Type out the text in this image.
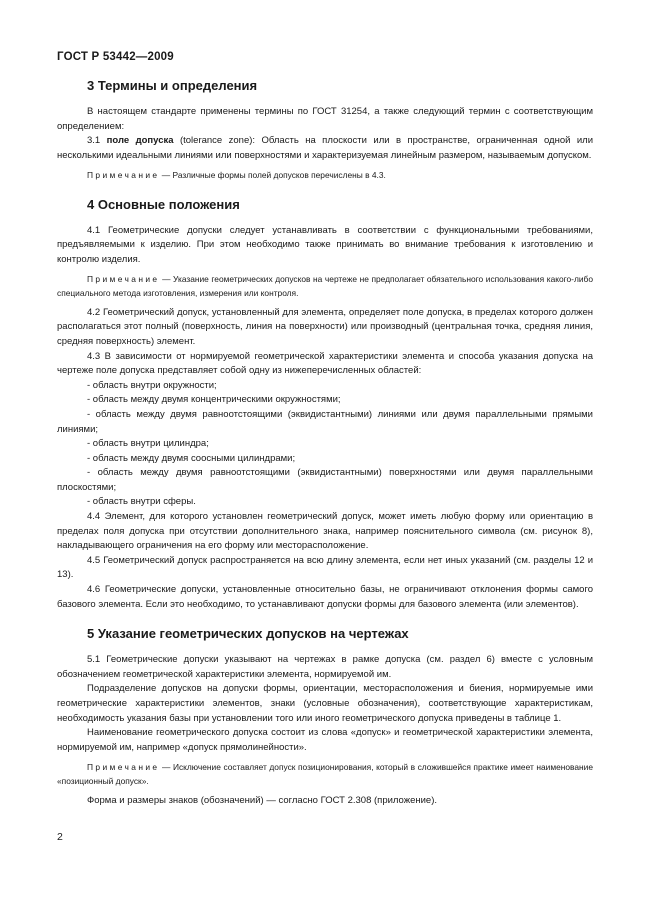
ГОСТ Р 53442—2009
3 Термины и определения

В настоящем стандарте применены термины по ГОСТ 31254, а также следующий термин с соответствующим определением:

3.1 поле допуска (tolerance zone): Область на плоскости или в пространстве, ограниченная одной или несколькими идеальными линиями или поверхностями и характеризуемая линейным размером, называемым допуском.

Примечание — Различные формы полей допусков перечислены в 4.3.

4 Основные положения

4.1 Геометрические допуски следует устанавливать в соответствии с функциональными требованиями, предъявляемыми к изделию. При этом необходимо также принимать во внимание требования к изготовлению и контролю изделия.

Примечание — Указание геометрических допусков на чертеже не предполагает обязательного использования какого-либо специального метода изготовления, измерения или контроля.

4.2 Геометрический допуск, установленный для элемента, определяет поле допуска, в пределах которого должен располагаться этот полный (поверхность, линия на поверхности) или производный (центральная точка, средняя линия, средняя поверхность) элемент.

4.3 В зависимости от нормируемой геометрической характеристики элемента и способа указания допуска на чертеже поле допуска представляет собой одну из нижеперечисленных областей:

- область внутри окружности;

- область между двумя концентрическими окружностями;

- область между двумя равноотстоящими (эквидистантными) линиями или двумя параллельными прямыми линиями;

- область внутри цилиндра;

- область между двумя соосными цилиндрами;

- область между двумя равноотстоящими (эквидистантными) поверхностями или двумя параллельными плоскостями;

- область внутри сферы.

4.4 Элемент, для которого установлен геометрический допуск, может иметь любую форму или ориентацию в пределах поля допуска при отсутствии дополнительного знака, например пояснительного символа (см. рисунок 8), накладывающего ограничения на его форму или месторасположение.

4.5 Геометрический допуск распространяется на всю длину элемента, если нет иных указаний (см. разделы 12 и 13).

4.6 Геометрические допуски, установленные относительно базы, не ограничивают отклонения формы самого базового элемента. Если это необходимо, то устанавливают допуски формы для базового элемента (или элементов).

5 Указание геометрических допусков на чертежах

5.1 Геометрические допуски указывают на чертежах в рамке допуска (см. раздел 6) вместе с условным обозначением геометрической характеристики элемента, нормируемой им.

Подразделение допусков на допуски формы, ориентации, месторасположения и биения, нормируемые ими геометрические характеристики элементов, знаки (условные обозначения), соответствующие характеристикам, необходимость указания базы при установлении того или иного геометрического допуска приведены в таблице 1.

Наименование геометрического допуска состоит из слова «допуск» и геометрической характеристики элемента, нормируемой им, например «допуск прямолинейности».

Примечание — Исключение составляет допуск позиционирования, который в сложившейся практике имеет наименование «позиционный допуск».

Форма и размеры знаков (обозначений) — согласно ГОСТ 2.308 (приложение).

2
